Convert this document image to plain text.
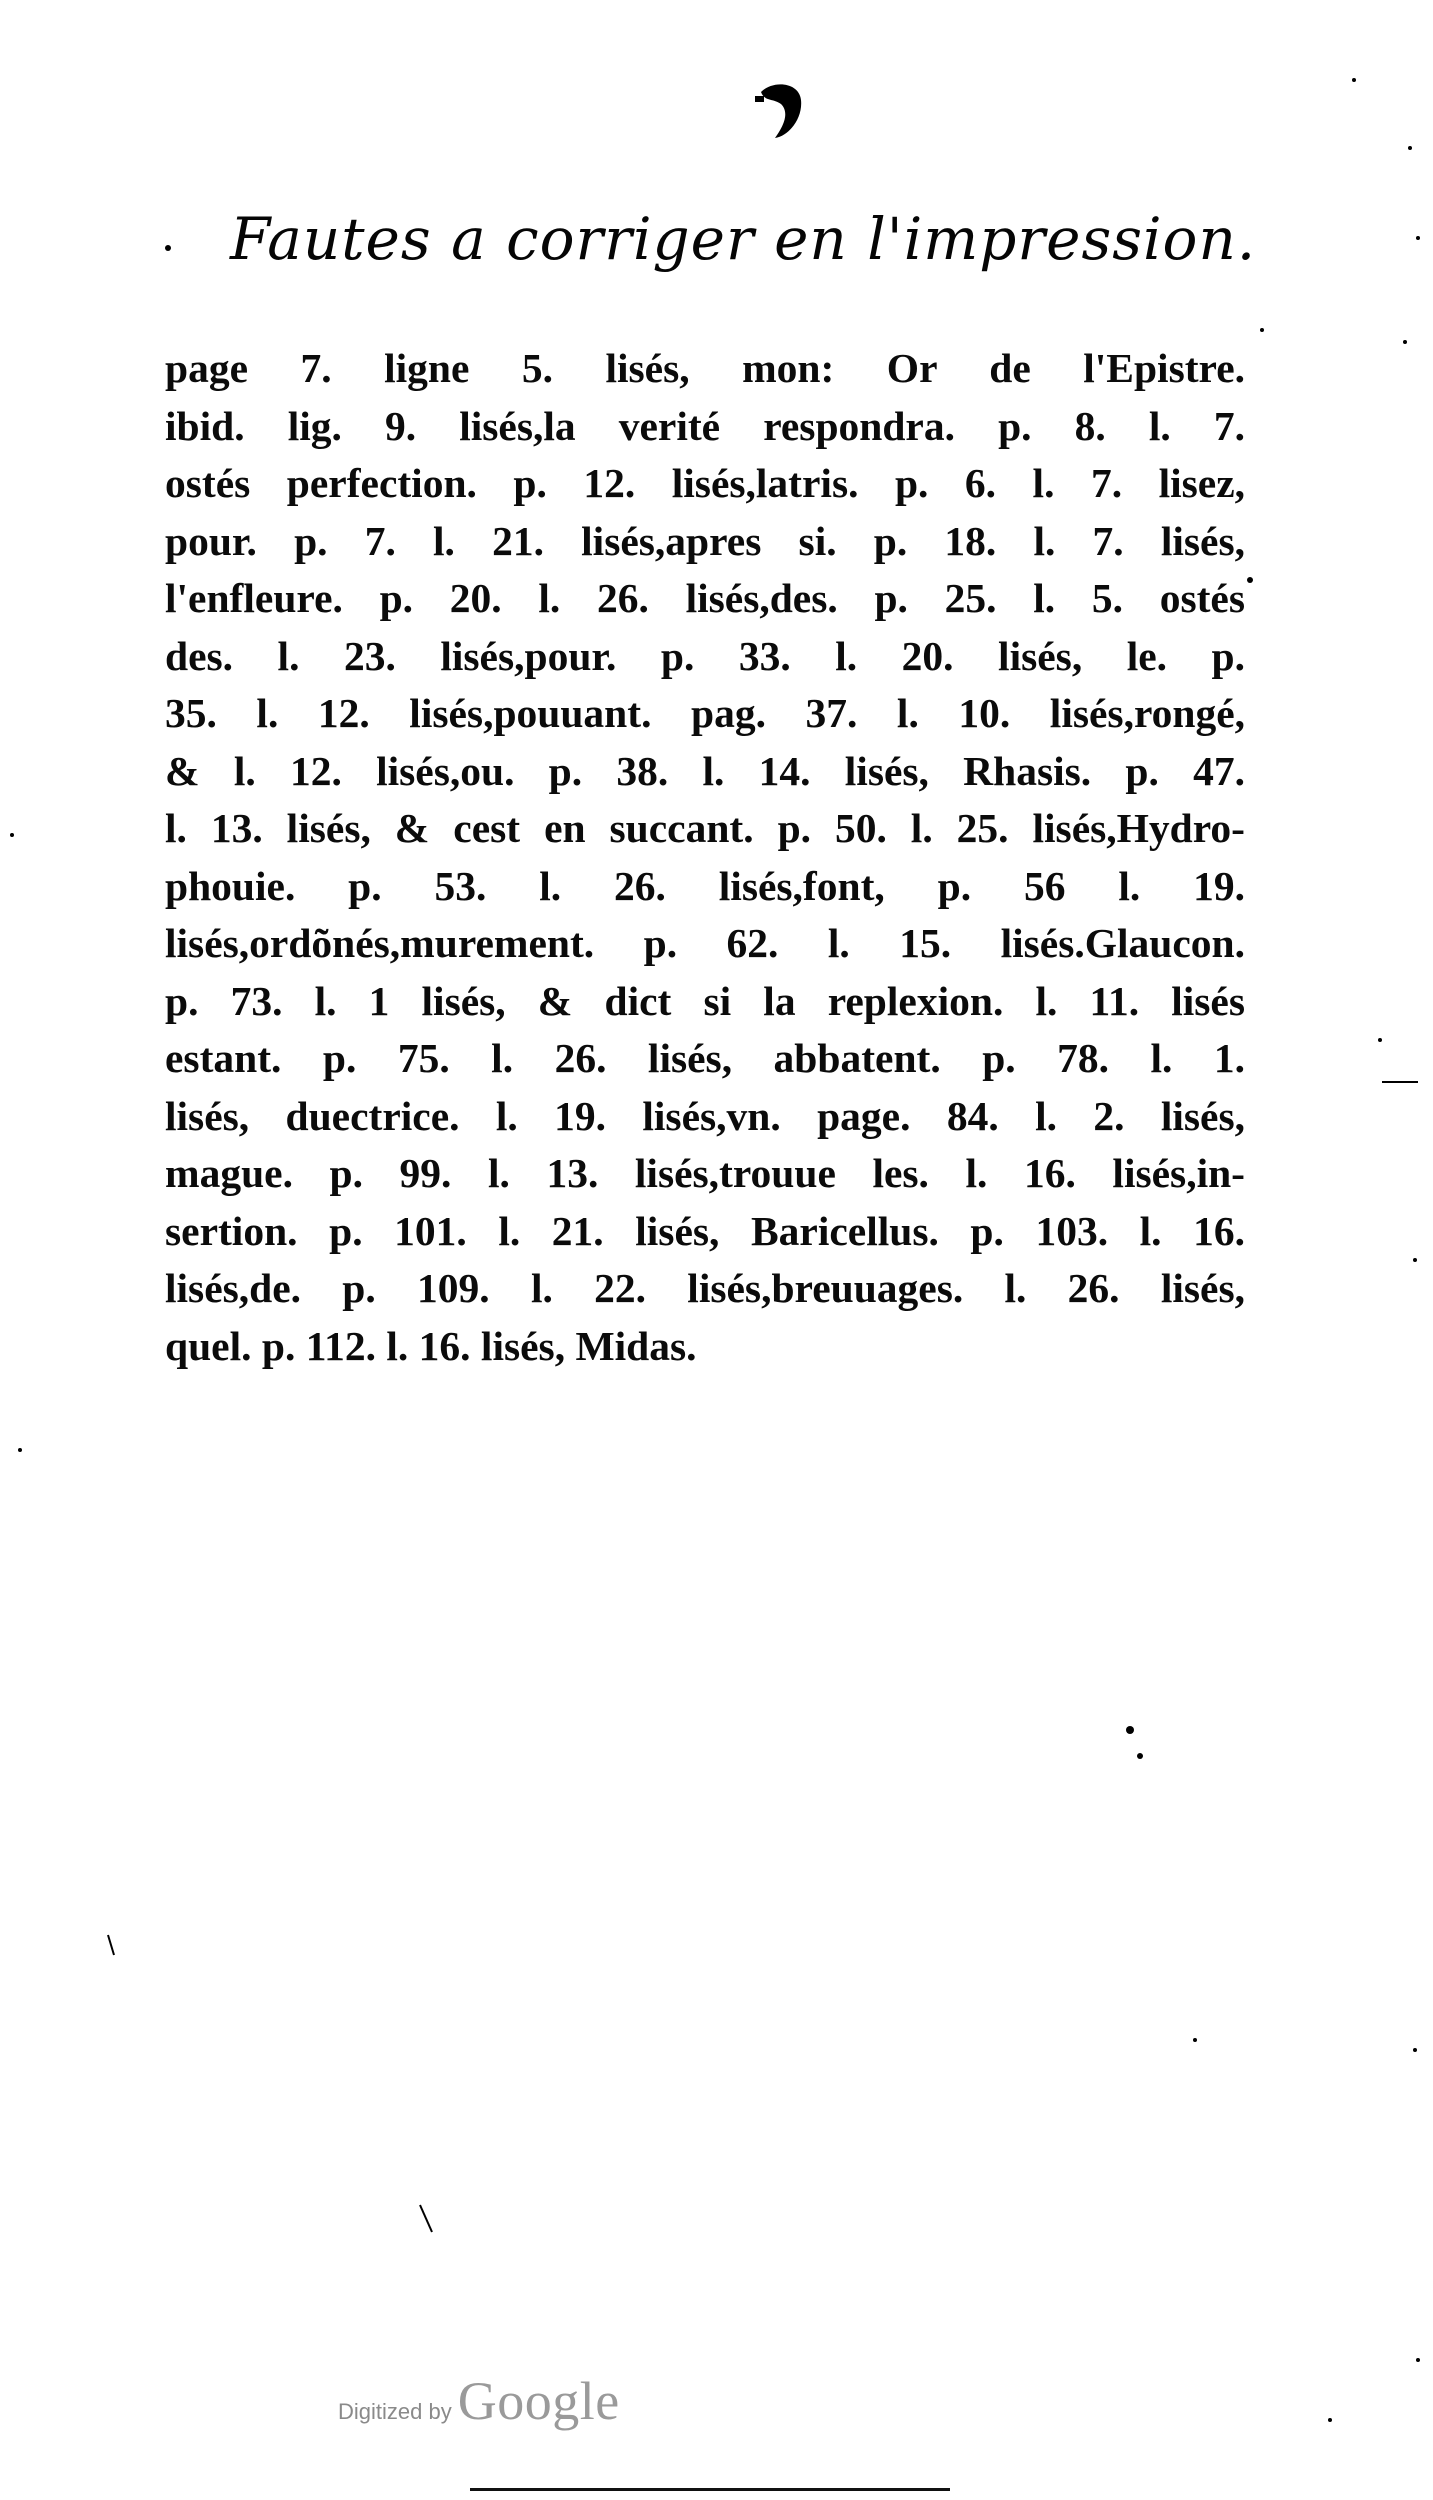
Fautes a corriger en l'impression.
page 7. ligne 5. lisés, mon: Or de l'Epistre.
ibid. lig. 9. lisés,la verité respondra. p. 8. l. 7.
ostés perfection. p. 12. lisés,latris. p. 6. l. 7. lisez,
pour. p. 7. l. 21. lisés,apres si. p. 18. l. 7. lisés,
l'enfleure. p. 20. l. 26. lisés,des. p. 25. l. 5. ostés
des. l. 23. lisés,pour. p. 33. l. 20. lisés, le. p.
35. l. 12. lisés,pouuant. pag. 37. l. 10. lisés,rongé,
& l. 12. lisés,ou. p. 38. l. 14. lisés, Rhasis. p. 47.
l. 13. lisés, & cest en succant. p. 50. l. 25. lisés,Hydro-
phouie. p. 53. l. 26. lisés,font, p. 56 l. 19.
lisés,ordõnés,murement. p. 62. l. 15. lisés.Glaucon.
p. 73. l. 1 lisés, & dict si la replexion. l. 11. lisés
estant. p. 75. l. 26. lisés, abbatent. p. 78. l. 1.
lisés, duectrice. l. 19. lisés,vn. page. 84. l. 2. lisés,
mague. p. 99. l. 13. lisés,trouue les. l. 16. lisés,in-
sertion. p. 101. l. 21. lisés, Baricellus. p. 103. l. 16.
lisés,de. p. 109. l. 22. lisés,breuuages. l. 26. lisés,
quel. p. 112. l. 16. lisés, Midas.
Digitized by Google
